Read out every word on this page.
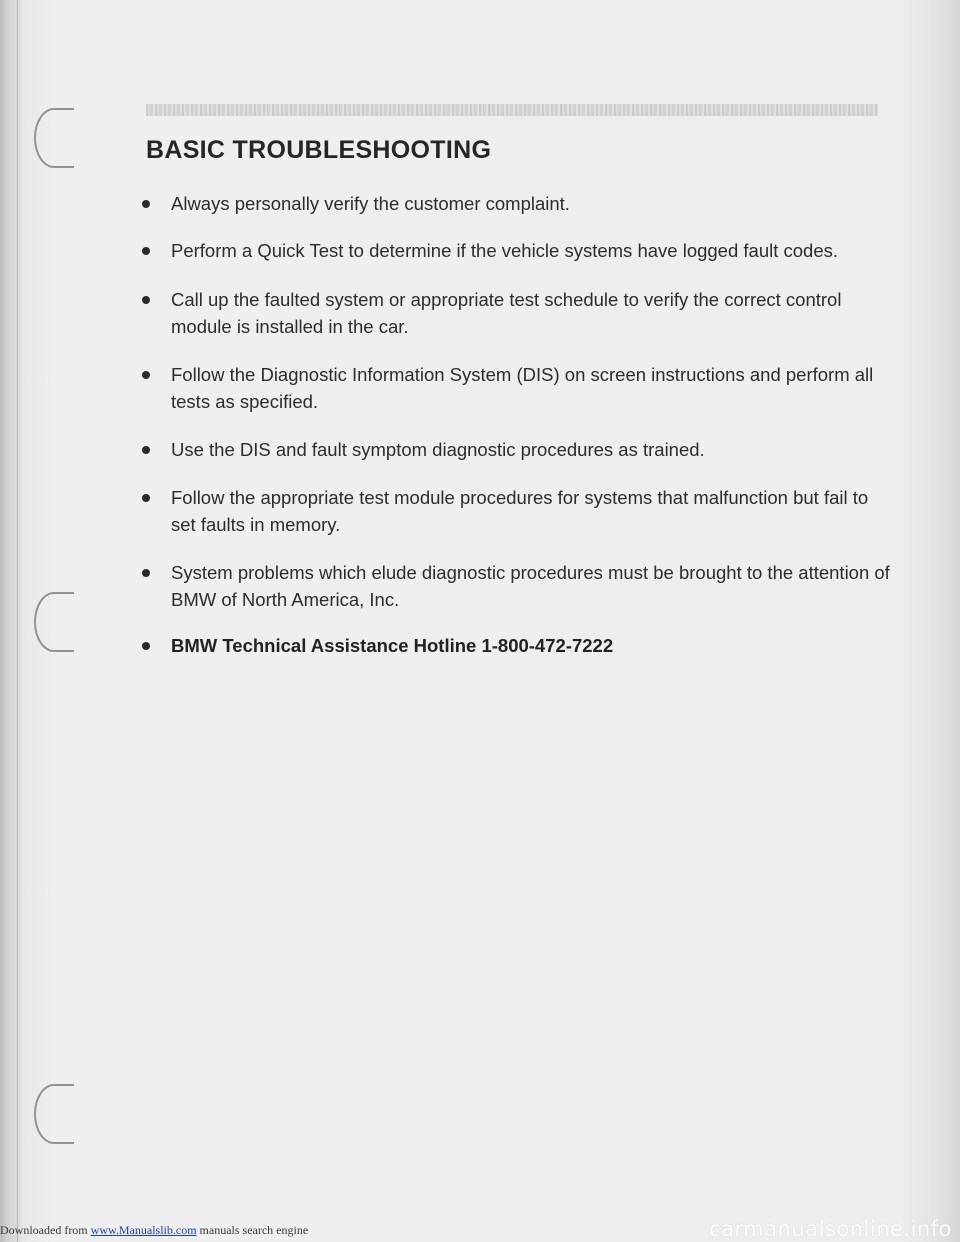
BASIC TROUBLESHOOTING
Always personally verify the customer complaint.
Perform a Quick Test to determine if the vehicle systems have logged fault codes.
Call up the faulted system or appropriate test schedule to verify the correct control module is installed in the car.
Follow the Diagnostic Information System (DIS) on screen instructions and perform all tests as specified.
Use the DIS and fault symptom diagnostic procedures as trained.
Follow the appropriate test module procedures for systems that malfunction but fail to set faults in memory.
System problems which elude diagnostic procedures must be brought to the attention of BMW of North America, Inc.
BMW Technical Assistance Hotline 1-800-472-7222
Downloaded from www.Manualslib.com manuals search engine	carmanualsonline.info
